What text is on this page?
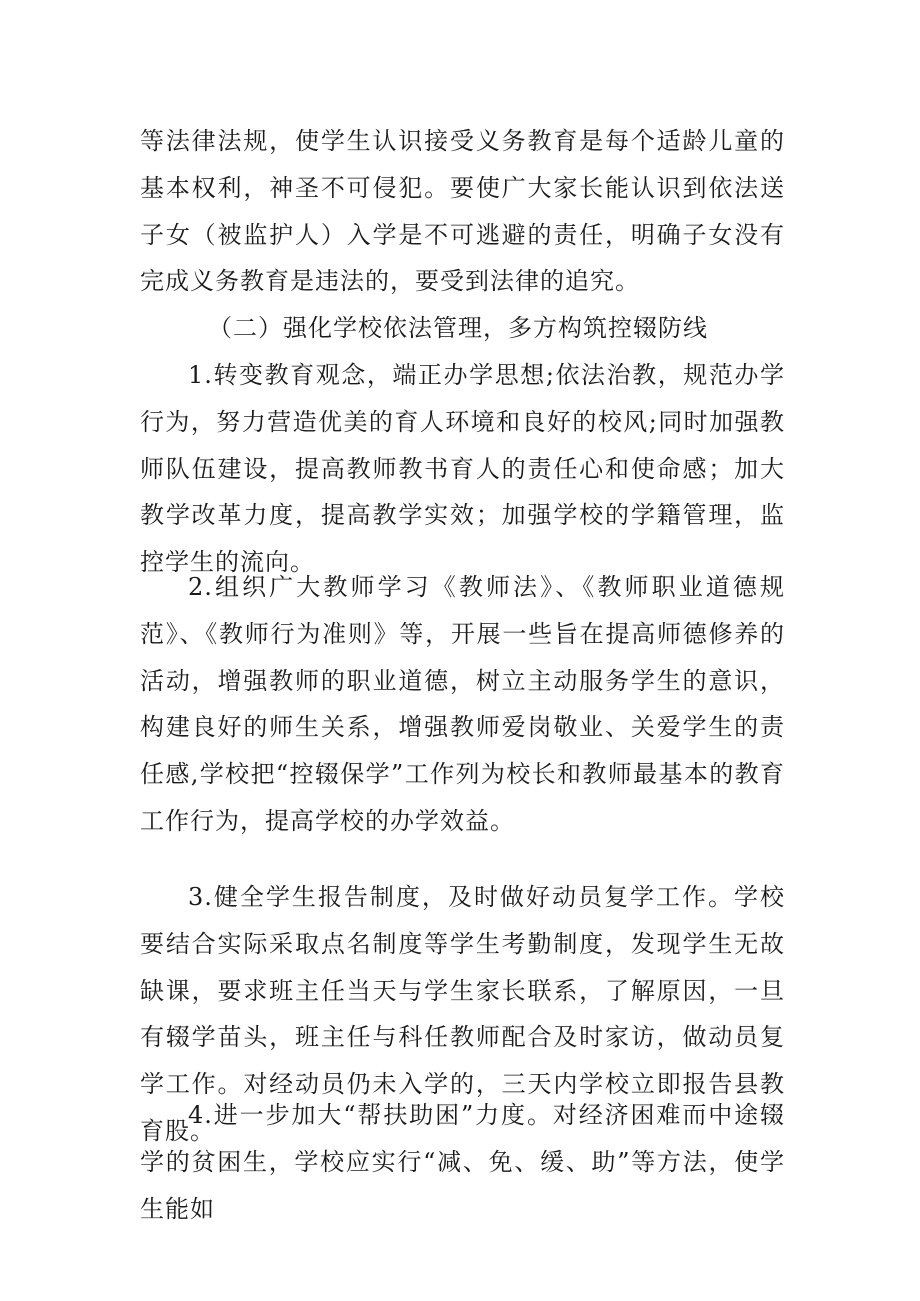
等法律法规，使学生认识接受义务教育是每个适龄儿童的基本权利，神圣不可侵犯。要使广大家长能认识到依法送子女（被监护人）入学是不可逃避的责任，明确子女没有完成义务教育是违法的，要受到法律的追究。

（二）强化学校依法管理，多方构筑控辍防线

1.转变教育观念，端正办学思想;依法治教，规范办学行为，努力营造优美的育人环境和良好的校风;同时加强教师队伍建设，提高教师教书育人的责任心和使命感；加大教学改革力度，提高教学实效；加强学校的学籍管理，监控学生的流向。

2.组织广大教师学习《教师法》、《教师职业道德规范》、《教师行为准则》等，开展一些旨在提高师德修养的活动，增强教师的职业道德，树立主动服务学生的意识，构建良好的师生关系，增强教师爱岗敬业、关爱学生的责任感,学校把“控辍保学”工作列为校长和教师最基本的教育工作行为，提高学校的办学效益。

3.健全学生报告制度，及时做好动员复学工作。学校要结合实际采取点名制度等学生考勤制度，发现学生无故缺课，要求班主任当天与学生家长联系，了解原因，一旦有辍学苗头，班主任与科任教师配合及时家访，做动员复学工作。对经动员仍未入学的，三天内学校立即报告县教育股。

4.进一步加大“帮扶助困”力度。对经济困难而中途辍学的贫困生，学校应实行“减、免、缓、助”等方法，使学生能如
